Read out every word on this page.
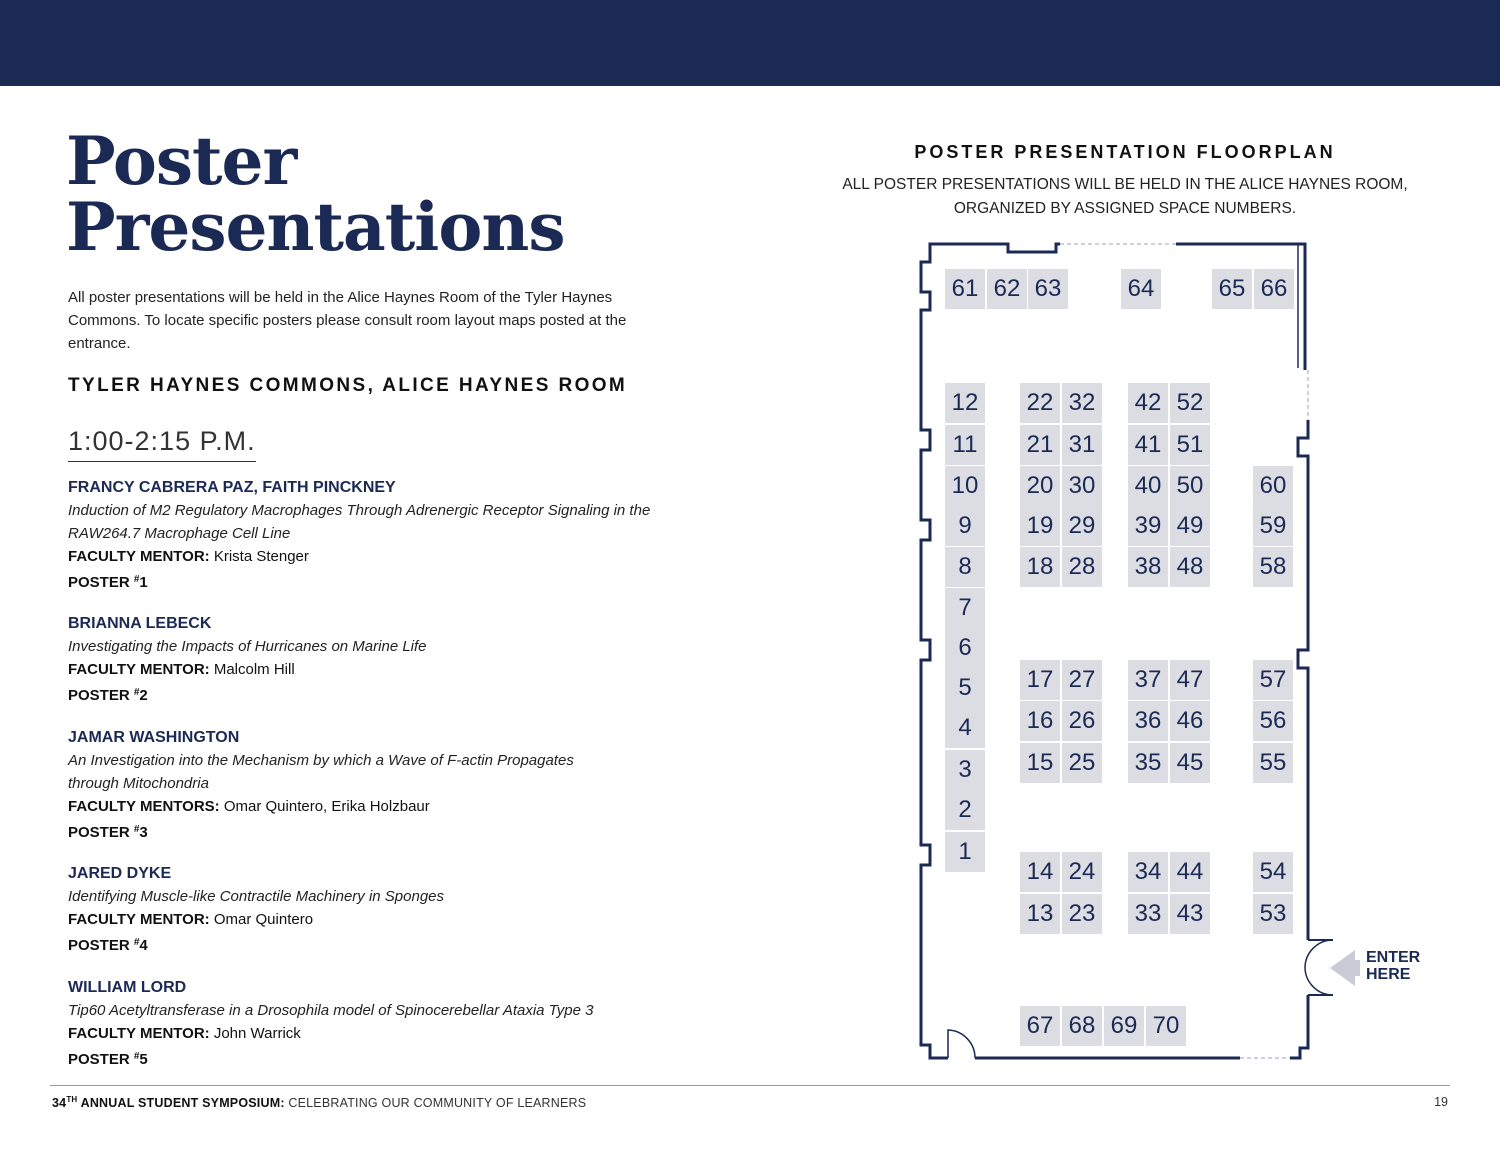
Poster
Presentations

All poster presentations will be held in the Alice Haynes Room of the Tyler Haynes Commons. To locate specific posters please consult room layout maps posted at the entrance.

TYLER HAYNES COMMONS, ALICE HAYNES ROOM
1:00-2:15 P.M.
FRANCY CABRERA PAZ, FAITH PINCKNEY
Induction of M2 Regulatory Macrophages Through Adrenergic Receptor Signaling in the RAW264.7 Macrophage Cell Line
FACULTY MENTOR: Krista Stenger
POSTER #1
BRIANNA LEBECK
Investigating the Impacts of Hurricanes on Marine Life
FACULTY MENTOR: Malcolm Hill
POSTER #2
JAMAR WASHINGTON
An Investigation into the Mechanism by which a Wave of F-actin Propagates through Mitochondria
FACULTY MENTORS: Omar Quintero, Erika Holzbaur
POSTER #3
JARED DYKE
Identifying Muscle-like Contractile Machinery in Sponges
FACULTY MENTOR: Omar Quintero
POSTER #4
WILLIAM LORD
Tip60 Acetyltransferase in a Drosophila model of Spinocerebellar Ataxia Type 3
FACULTY MENTOR: John Warrick
POSTER #5
POSTER PRESENTATION FLOORPLAN
ALL POSTER PRESENTATIONS WILL BE HELD IN THE ALICE HAYNES ROOM,
ORGANIZED BY ASSIGNED SPACE NUMBERS.
1
2
3
4
5
6
7
8
9
10
11
12
13
14
15
16
17
18
19
20
21
22
23
24
25
26
27
28
29
30
31
32
33
34
35
36
37
38
39
40
41
42
43
44
45
46
47
48
49
50
51
52
53
54
55
56
57
58
59
60
61 62 63	64	65 66
67 68 69 70
ENTER
HERE
34TH ANNUAL STUDENT SYMPOSIUM: CELEBRATING OUR COMMUNITY OF LEARNERS	19
